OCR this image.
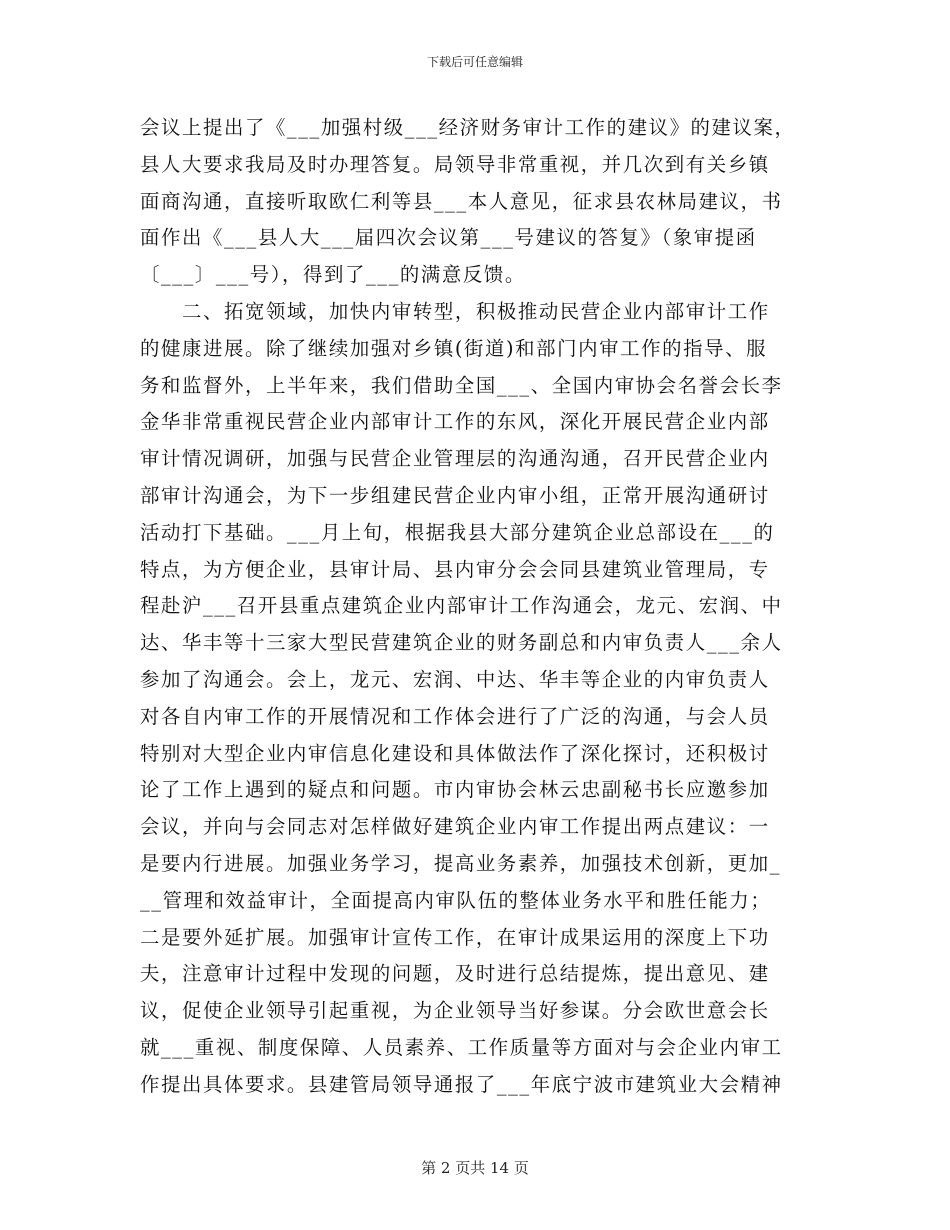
下载后可任意编辑
会议上提出了《___加强村级___经济财务审计工作的建议》的建议案，
县人大要求我局及时办理答复。局领导非常重视，并几次到有关乡镇
面商沟通，直接听取欧仁利等县___本人意见，征求县农林局建议，书
面作出《___县人大___届四次会议第___号建议的答复》（象审提函
〔___〕___号），得到了___的满意反馈。
　　二、拓宽领域，加快内审转型，积极推动民营企业内部审计工作
的健康进展。除了继续加强对乡镇(街道)和部门内审工作的指导、服
务和监督外，上半年来，我们借助全国___、全国内审协会名誉会长李
金华非常重视民营企业内部审计工作的东风，深化开展民营企业内部
审计情况调研，加强与民营企业管理层的沟通沟通，召开民营企业内
部审计沟通会，为下一步组建民营企业内审小组，正常开展沟通研讨
活动打下基础。___月上旬，根据我县大部分建筑企业总部设在___的
特点，为方便企业，县审计局、县内审分会会同县建筑业管理局，专
程赴沪___召开县重点建筑企业内部审计工作沟通会，龙元、宏润、中
达、华丰等十三家大型民营建筑企业的财务副总和内审负责人___余人
参加了沟通会。会上，龙元、宏润、中达、华丰等企业的内审负责人
对各自内审工作的开展情况和工作体会进行了广泛的沟通，与会人员
特别对大型企业内审信息化建设和具体做法作了深化探讨，还积极讨
论了工作上遇到的疑点和问题。市内审协会林云忠副秘书长应邀参加
会议，并向与会同志对怎样做好建筑企业内审工作提出两点建议：一
是要内行进展。加强业务学习，提高业务素养，加强技术创新，更加_
__管理和效益审计，全面提高内审队伍的整体业务水平和胜任能力；
二是要外延扩展。加强审计宣传工作，在审计成果运用的深度上下功
夫，注意审计过程中发现的问题，及时进行总结提炼，提出意见、建
议，促使企业领导引起重视，为企业领导当好参谋。分会欧世意会长
就___重视、制度保障、人员素养、工作质量等方面对与会企业内审工
作提出具体要求。县建管局领导通报了___年底宁波市建筑业大会精神
第 2 页共 14 页
